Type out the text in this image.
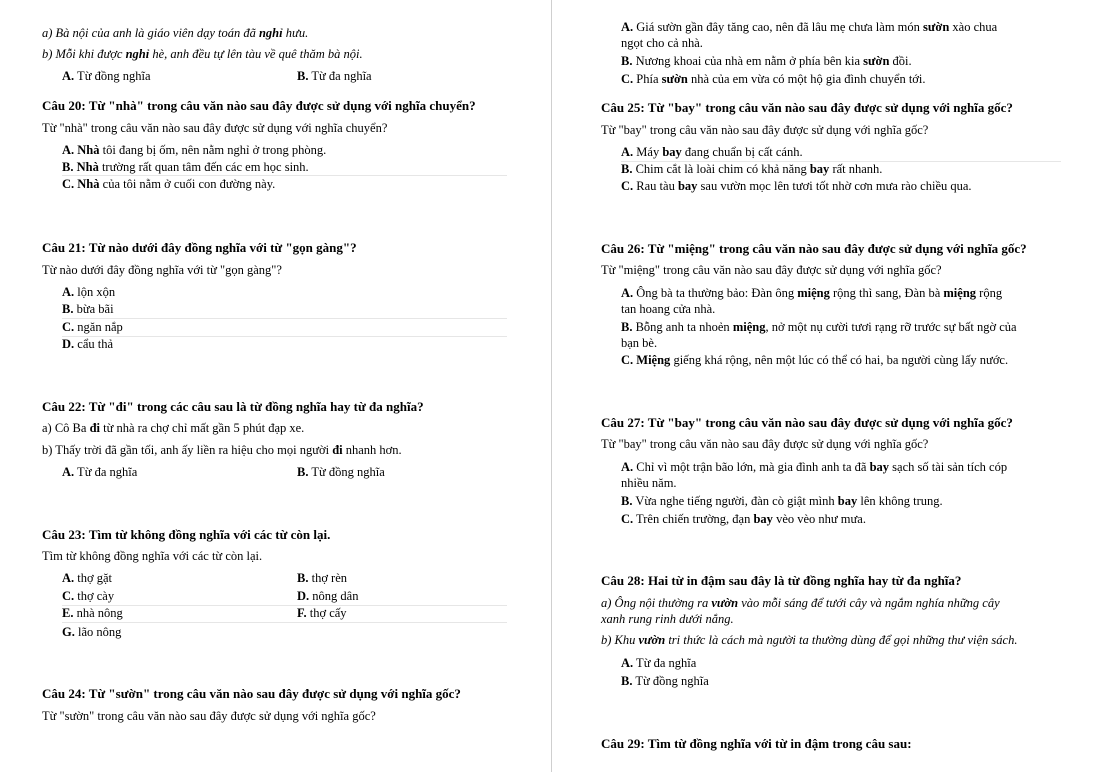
a) Bà nội của anh là giáo viên dạy toán đã nghỉ hưu.
b) Mỗi khi được nghỉ hè, anh đều tự lên tàu về quê thăm bà nội.
A. Từ đồng nghĩa	B. Từ đa nghĩa
Câu 20: Từ "nhà" trong câu văn nào sau đây được sử dụng với nghĩa chuyển?
Từ "nhà" trong câu văn nào sau đây được sử dụng với nghĩa chuyển?
A. Nhà tôi đang bị ốm, nên nằm nghỉ ở trong phòng.
B. Nhà trường rất quan tâm đến các em học sinh.
C. Nhà của tôi nằm ở cuối con đường này.
Câu 21: Từ nào dưới đây đồng nghĩa với từ "gọn gàng"?
Từ nào dưới đây đồng nghĩa với từ "gọn gàng"?
A. lộn xộn
B. bừa bãi
C. ngăn nắp
D. cẩu thả
Câu 22: Từ "đi" trong các câu sau là từ đồng nghĩa hay từ đa nghĩa?
a) Cô Ba đi từ nhà ra chợ chỉ mất gần 5 phút đạp xe.
b) Thấy trời đã gần tối, anh ấy liền ra hiệu cho mọi người đi nhanh hơn.
A. Từ đa nghĩa	B. Từ đồng nghĩa
Câu 23: Tìm từ không đồng nghĩa với các từ còn lại.
Tìm từ không đồng nghĩa với các từ còn lại.
A. thợ gặt	B. thợ rèn
C. thợ cày	D. nông dân
E. nhà nông	F. thợ cấy
G. lão nông
Câu 24: Từ "sườn" trong câu văn nào sau đây được sử dụng với nghĩa gốc?
Từ "sườn" trong câu văn nào sau đây được sử dụng với nghĩa gốc?
A. Giá sườn gần đây tăng cao, nên đã lâu mẹ chưa làm món sườn xào chua
ngọt cho cả nhà.
B. Nương khoai của nhà em nằm ở phía bên kia sườn đồi.
C. Phía sườn nhà của em vừa có một hộ gia đình chuyển tới.
Câu 25: Từ "bay" trong câu văn nào sau đây được sử dụng với nghĩa gốc?
Từ "bay" trong câu văn nào sau đây được sử dụng với nghĩa gốc?
A. Máy bay đang chuẩn bị cất cánh.
B. Chim cắt là loài chim có khả năng bay rất nhanh.
C. Rau tàu bay sau vườn mọc lên tươi tốt nhờ cơn mưa rào chiều qua.
Câu 26: Từ "miệng" trong câu văn nào sau đây được sử dụng với nghĩa gốc?
Từ "miệng" trong câu văn nào sau đây được sử dụng với nghĩa gốc?
A. Ông bà ta thường bảo: Đàn ông miệng rộng thì sang, Đàn bà miệng rộng
tan hoang cửa nhà.
B. Bỗng anh ta nhoẻn miệng, nở một nụ cười tươi rạng rỡ trước sự bất ngờ của
bạn bè.
C. Miệng giếng khá rộng, nên một lúc có thể có hai, ba người cùng lấy nước.
Câu 27: Từ "bay" trong câu văn nào sau đây được sử dụng với nghĩa gốc?
Từ "bay" trong câu văn nào sau đây được sử dụng với nghĩa gốc?
A. Chỉ vì một trận bão lớn, mà gia đình anh ta đã bay sạch số tài sản tích cóp
nhiều năm.
B. Vừa nghe tiếng người, đàn cò giật mình bay lên không trung.
C. Trên chiến trường, đạn bay vèo vèo như mưa.
Câu 28: Hai từ in đậm sau đây là từ đồng nghĩa hay từ đa nghĩa?
a) Ông nội thường ra vườn vào mỗi sáng để tưới cây và ngắm nghía những cây
xanh rung rinh dưới nắng.
b) Khu vườn tri thức là cách mà người ta thường dùng để gọi những thư viện sách.
A. Từ đa nghĩa
B. Từ đồng nghĩa
Câu 29: Tìm từ đồng nghĩa với từ in đậm trong câu sau:
